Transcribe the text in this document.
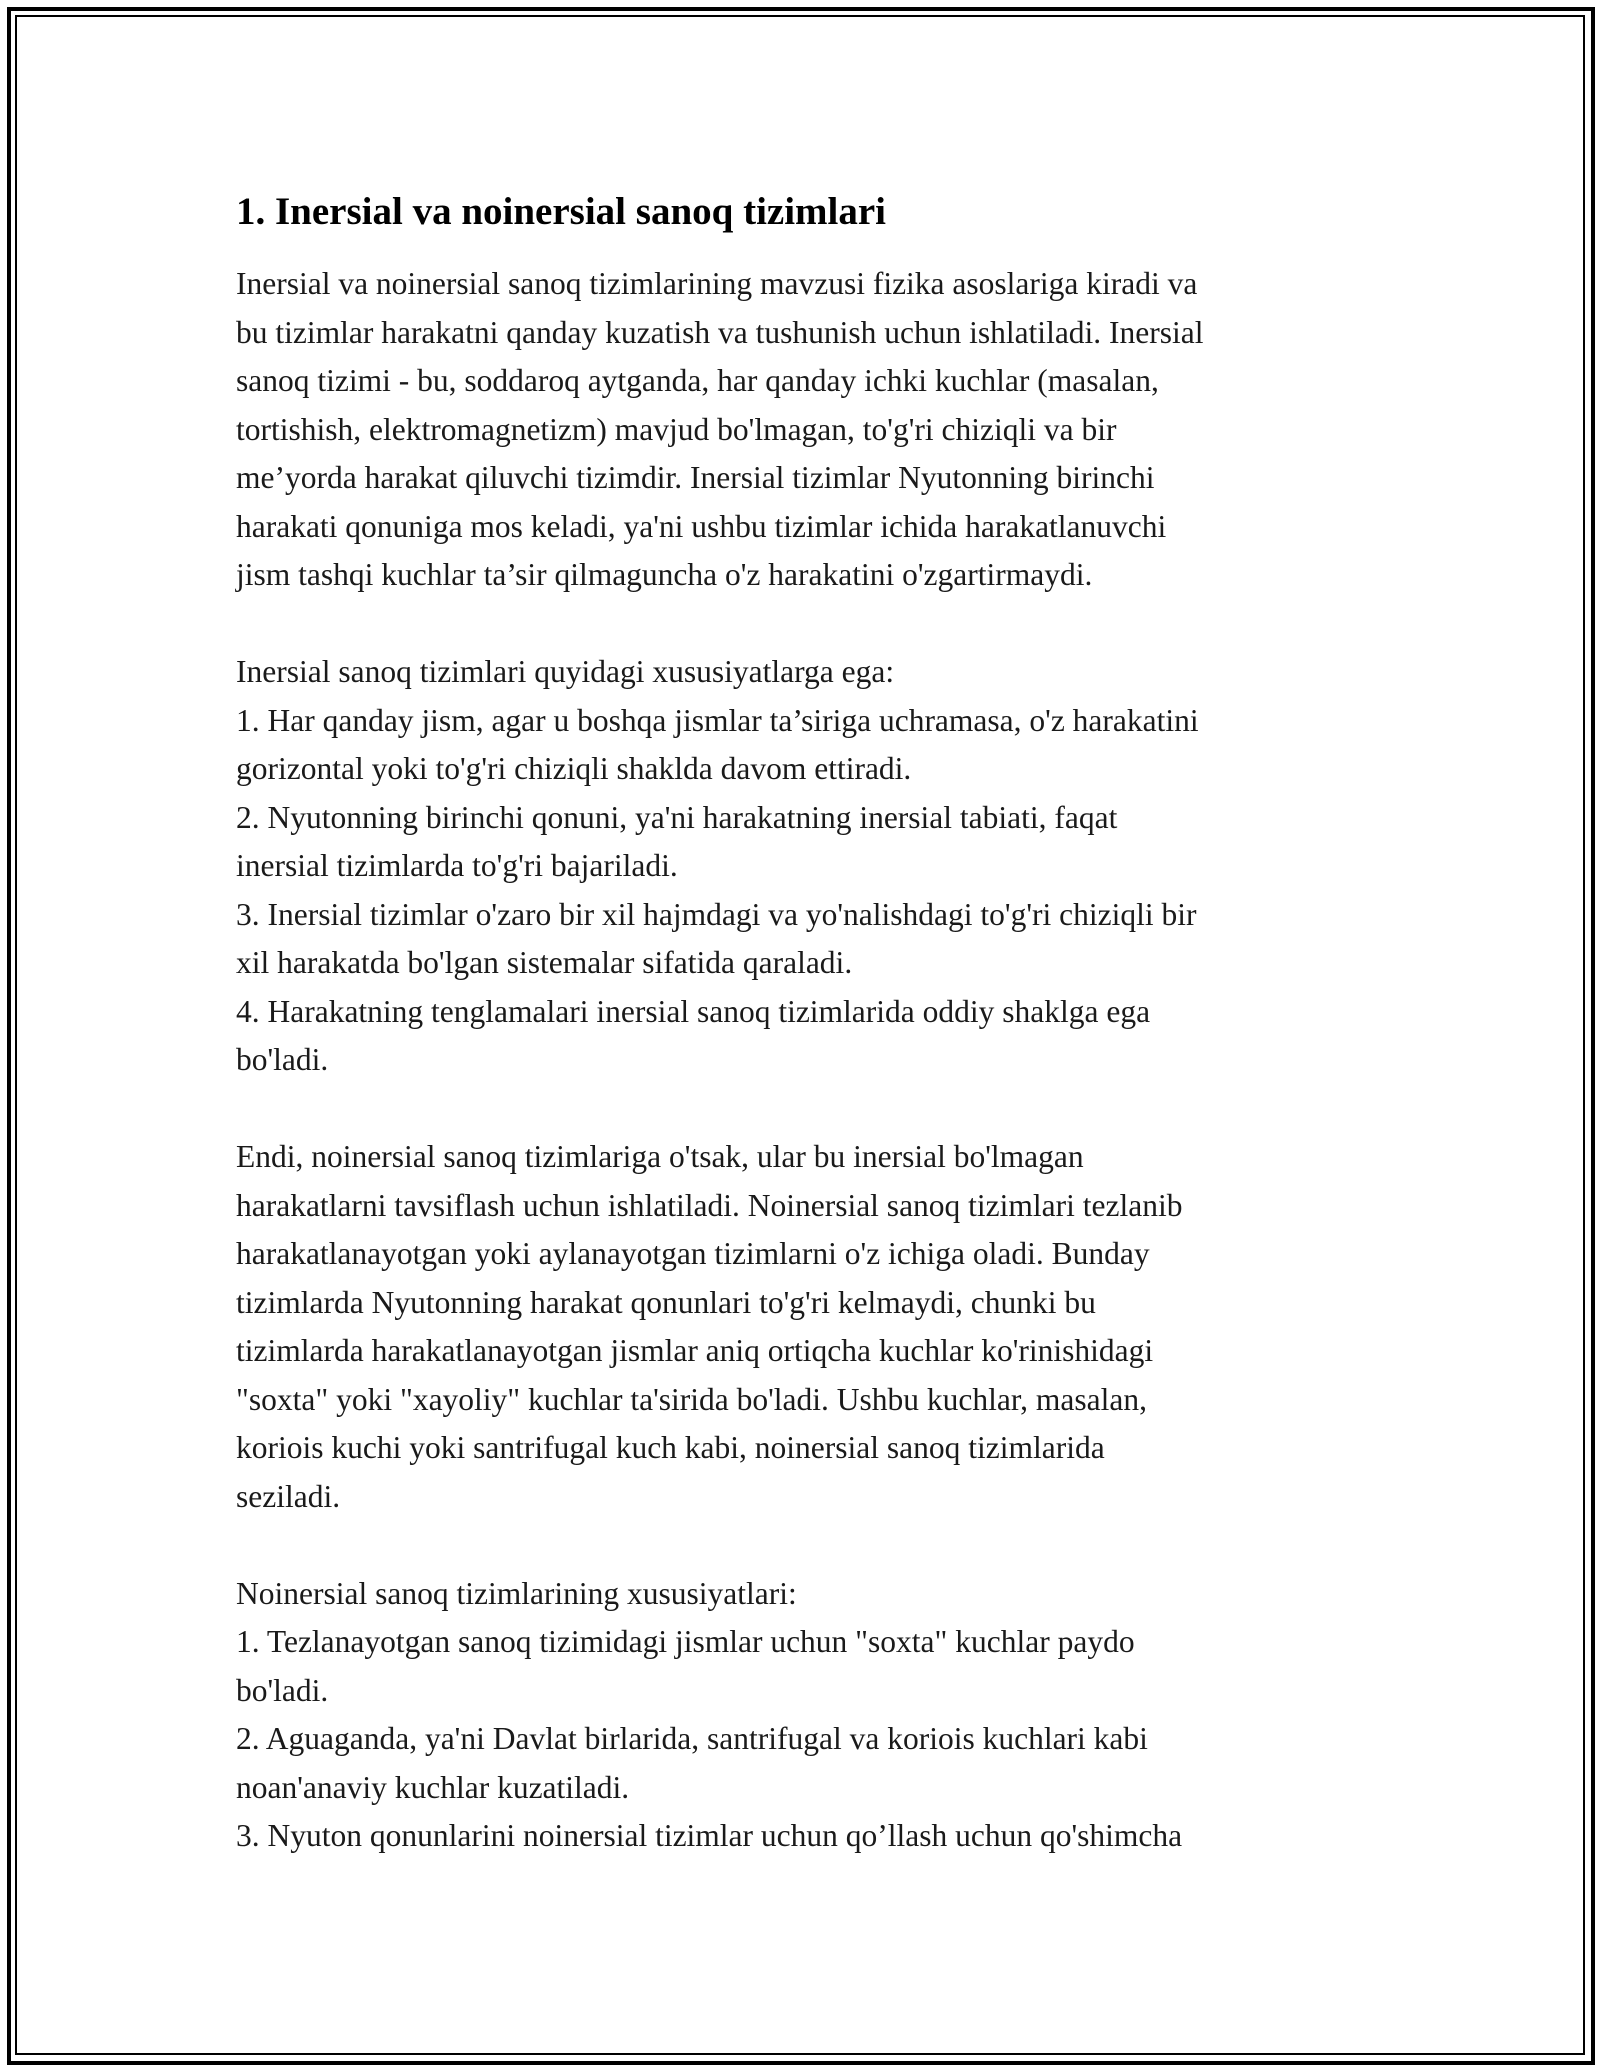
1. Inersial va noinersial sanoq tizimlari

Inersial va noinersial sanoq tizimlarining mavzusi fizika asoslariga kiradi va
bu tizimlar harakatni qanday kuzatish va tushunish uchun ishlatiladi. Inersial
sanoq tizimi - bu, soddaroq aytganda, har qanday ichki kuchlar (masalan,
tortishish, elektromagnetizm) mavjud bo'lmagan, to'g'ri chiziqli va bir
me’yorda harakat qiluvchi tizimdir. Inersial tizimlar Nyutonning birinchi
harakati qonuniga mos keladi, ya'ni ushbu tizimlar ichida harakatlanuvchi
jism tashqi kuchlar ta’sir qilmaguncha o'z harakatini o'zgartirmaydi.

Inersial sanoq tizimlari quyidagi xususiyatlarga ega:
1. Har qanday jism, agar u boshqa jismlar ta’siriga uchramasa, o'z harakatini
gorizontal yoki to'g'ri chiziqli shakldа davom ettiradi.
2. Nyutonning birinchi qonuni, ya'ni harakatning inersial tabiati, faqat
inersial tizimlarda to'g'ri bajariladi.
3. Inersial tizimlar o'zaro bir xil hajmdagi va yo'nalishdagi to'g'ri chiziqli bir
xil harakatda bo'lgan sistemalar sifatida qaraladi.
4. Harakatning tenglamalari inersial sanoq tizimlarida oddiy shaklga ega
bo'ladi.

Endi, noinersial sanoq tizimlariga o'tsak, ular bu inersial bo'lmagan
harakatlarni tavsiflash uchun ishlatiladi. Noinersial sanoq tizimlari tezlanib
harakatlanayotgan yoki aylanayotgan tizimlarni o'z ichiga oladi. Bunday
tizimlarda Nyutonning harakat qonunlari to'g'ri kelmaydi, chunki bu
tizimlarda harakatlanayotgan jismlar aniq ortiqcha kuchlar ko'rinishidagi
"soxta" yoki "xayoliy" kuchlar ta'sirida bo'ladi. Ushbu kuchlar, masalan,
koriois kuchi yoki santrifugal kuch kabi, noinersial sanoq tizimlarida
seziladi.

Noinersial sanoq tizimlarining xususiyatlari:
1. Tezlanayotgan sanoq tizimidagi jismlar uchun "soxta" kuchlar paydo
bo'ladi.
2. Aguaganda, ya'ni Davlat birlarida, santrifugal va koriois kuchlari kabi
noan'anaviy kuchlar kuzatiladi.
3. Nyuton qonunlarini noinersial tizimlar uchun qo’llash uchun qo'shimcha
